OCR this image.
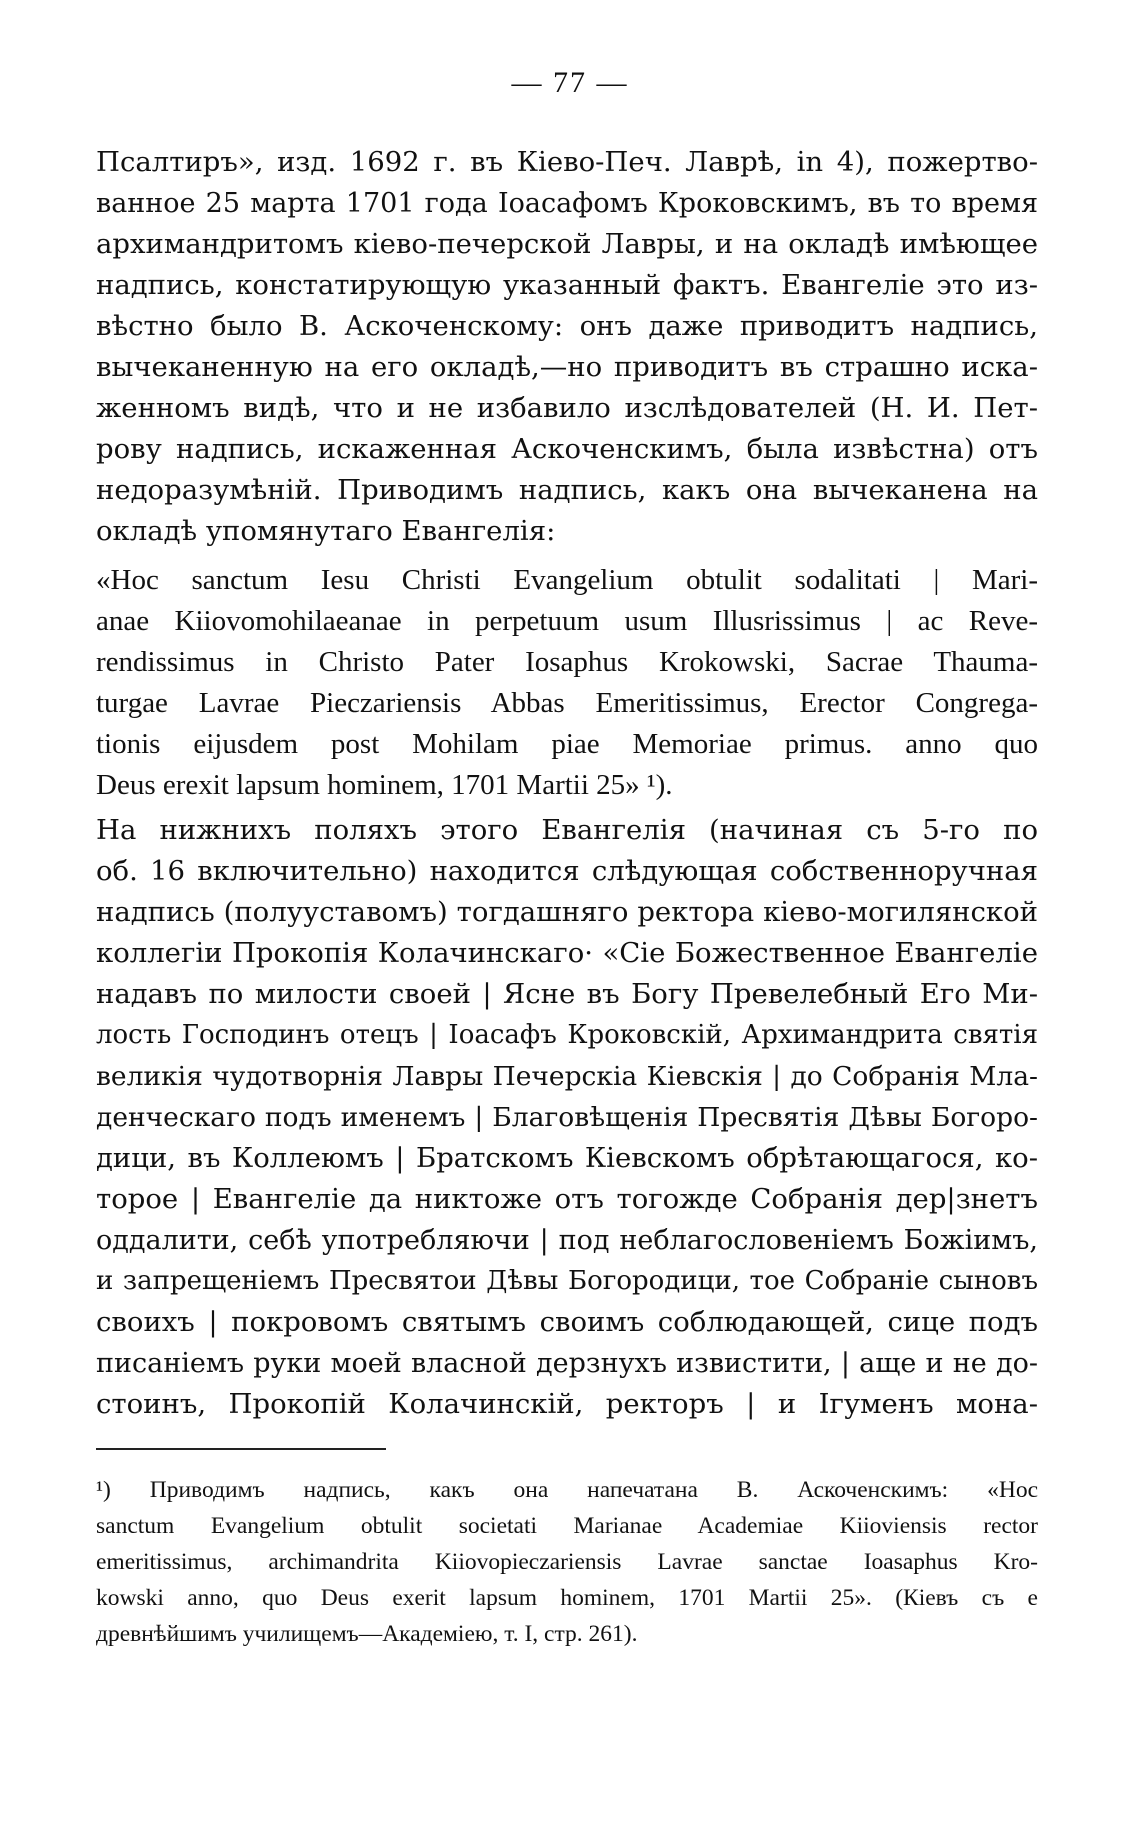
— 77 —
Псалтиръ», изд. 1692 г. въ Кіево-Печ. Лаврѣ, in 4), пожертво-
ванное 25 марта 1701 года Іоасафомъ Кроковскимъ, въ то время
архимандритомъ кіево-печерской Лавры, и на окладѣ имѣющее
надпись, констатирующую указанный фактъ. Евангеліе это из-
вѣстно было В. Аскоченскому: онъ даже приводитъ надпись,
вычеканенную на его окладѣ,—но приводитъ въ страшно иска-
женномъ видѣ, что и не избавило изслѣдователей (Н. И. Пет-
рову надпись, искаженная Аскоченскимъ, была извѣстна) отъ
недоразумѣній. Приводимъ надпись, какъ она вычеканена на
окладѣ упомянутаго Евангелія:
«Hoc sanctum Iesu Christi Evangelium obtulit sodalitati | Mari-
anae Kiiovomohilaeanae in perpetuum usum Illusrissimus | ac Reve-
rendissimus in Christo Pater Iosaphus Krokowski, Sacrae Thauma-
turgae Lavrae Pieczariensis Abbas Emeritissimus, Erector Congrega-
tionis eijusdem post Mohilam piae Memoriae primus. anno quo
Deus erexit lapsum hominem, 1701 Martii 25» ¹).
На нижнихъ поляхъ этого Евангелія (начиная съ 5-го по
об. 16 включительно) находится слѣдующая собственноручная
надпись (полууставомъ) тогдашняго ректора кіево-могилянской
коллегіи Прокопія Колачинскаго· «Сіе Божественное Евангеліе
надавъ по милости своей | Ясне въ Богу Превелебный Его Ми-
лость Господинъ отецъ | Іоасафъ Кроковскій, Архимандрита святія
великія чудотворнія Лавры Печерскіа Кіевскія | до Собранія Мла-
денческаго подъ именемъ | Благовѣщенія Пресвятія Дѣвы Богоро-
дици, въ Коллеюмъ | Братскомъ Кіевскомъ обрѣтающагося, ко-
торое | Евангеліе да никтоже отъ тогожде Собранія дер|знетъ
оддалити, себѣ употребляючи | под неблагословеніемъ Божіимъ,
и запрещеніемъ Пресвятои Дѣвы Богородици, тое Собраніе сыновъ
своихъ | покровомъ святымъ своимъ соблюдающей, сице подъ
писаніемъ руки моей власной дерзнухъ извистити, | аще и не до-
стоинъ, Прокопій Колачинскій, ректоръ | и Ігуменъ мона-
¹) Приводимъ надпись, какъ она напечатана В. Аскоченскимъ: «Hoc
sanctum Evangelium obtulit societati Marianae Academiae Kiioviensis rector
emeritissimus, archimandrita Kiiovopieczariensis Lavrae sanctae Ioasaphus Kro-
kowski anno, quo Deus exerit lapsum hominem, 1701 Martii 25». (Кіевъ съ е
древнѣйшимъ училищемъ—Академіею, т. I, стр. 261).
